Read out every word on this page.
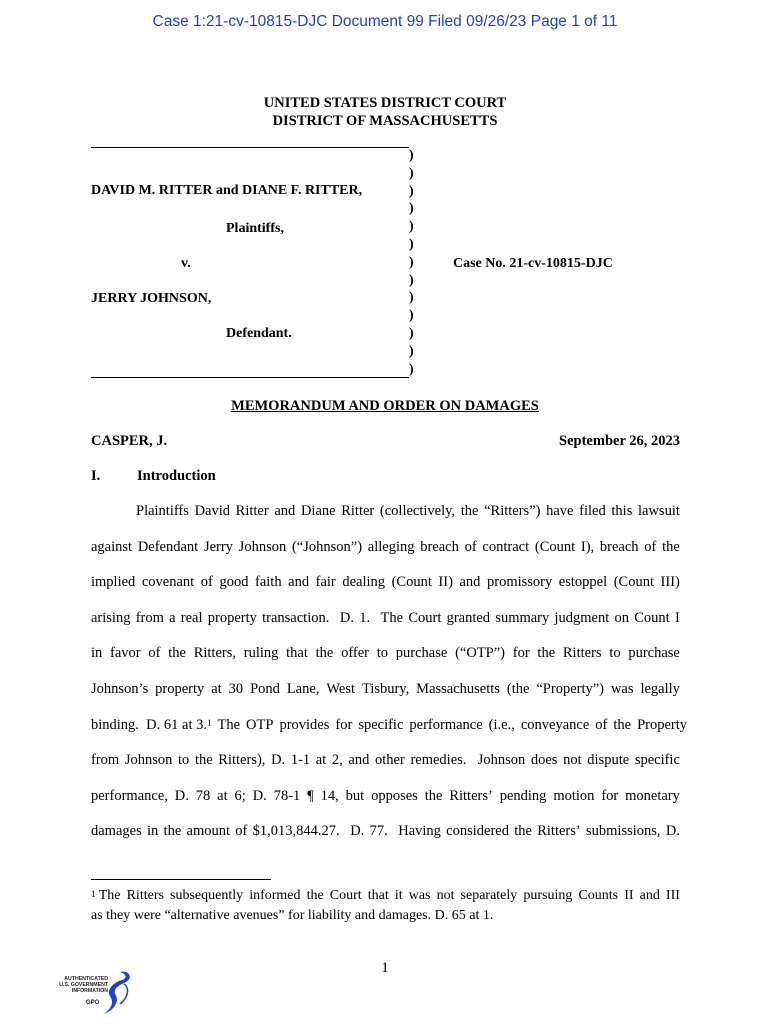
Case 1:21-cv-10815-DJC Document 99 Filed 09/26/23 Page 1 of 11
UNITED STATES DISTRICT COURT
DISTRICT OF MASSACHUSETTS
)
)
)
)
)
)
)
)
)
)
)
)
)
DAVID M. RITTER and DIANE F. RITTER,
Plaintiffs,
v.
JERRY JOHNSON,
Defendant.
Case No. 21-cv-10815-DJC
MEMORANDUM AND ORDER ON DAMAGES
CASPER, J.	September 26, 2023
I.	Introduction
Plaintiffs David Ritter and Diane Ritter (collectively, the “Ritters”) have filed this lawsuit
against Defendant Jerry Johnson (“Johnson”) alleging breach of contract (Count I), breach of the
implied covenant of good faith and fair dealing (Count II) and promissory estoppel (Count III)
arising from a real property transaction. D. 1. The Court granted summary judgment on Count I
in favor of the Ritters, ruling that the offer to purchase (“OTP”) for the Ritters to purchase
Johnson’s property at 30 Pond Lane, West Tisbury, Massachusetts (the “Property”) was legally
binding.  D. 61 at 3.$^1$ The OTP provides for specific performance (i.e., conveyance of the Property
from Johnson to the Ritters), D. 1-1 at 2, and other remedies. Johnson does not dispute specific
performance, D. 78 at 6; D. 78-1 ¶ 14, but opposes the Ritters’ pending motion for monetary
damages in the amount of $1,013,844.27. D. 77. Having considered the Ritters’ submissions, D.
$^1$ The Ritters subsequently informed the Court that it was not separately pursuing Counts II and III
as they were “alternative avenues” for liability and damages. D. 65 at 1.
1
AUTHENTICATED
U.S. GOVERNMENT
INFORMATION
GPO
